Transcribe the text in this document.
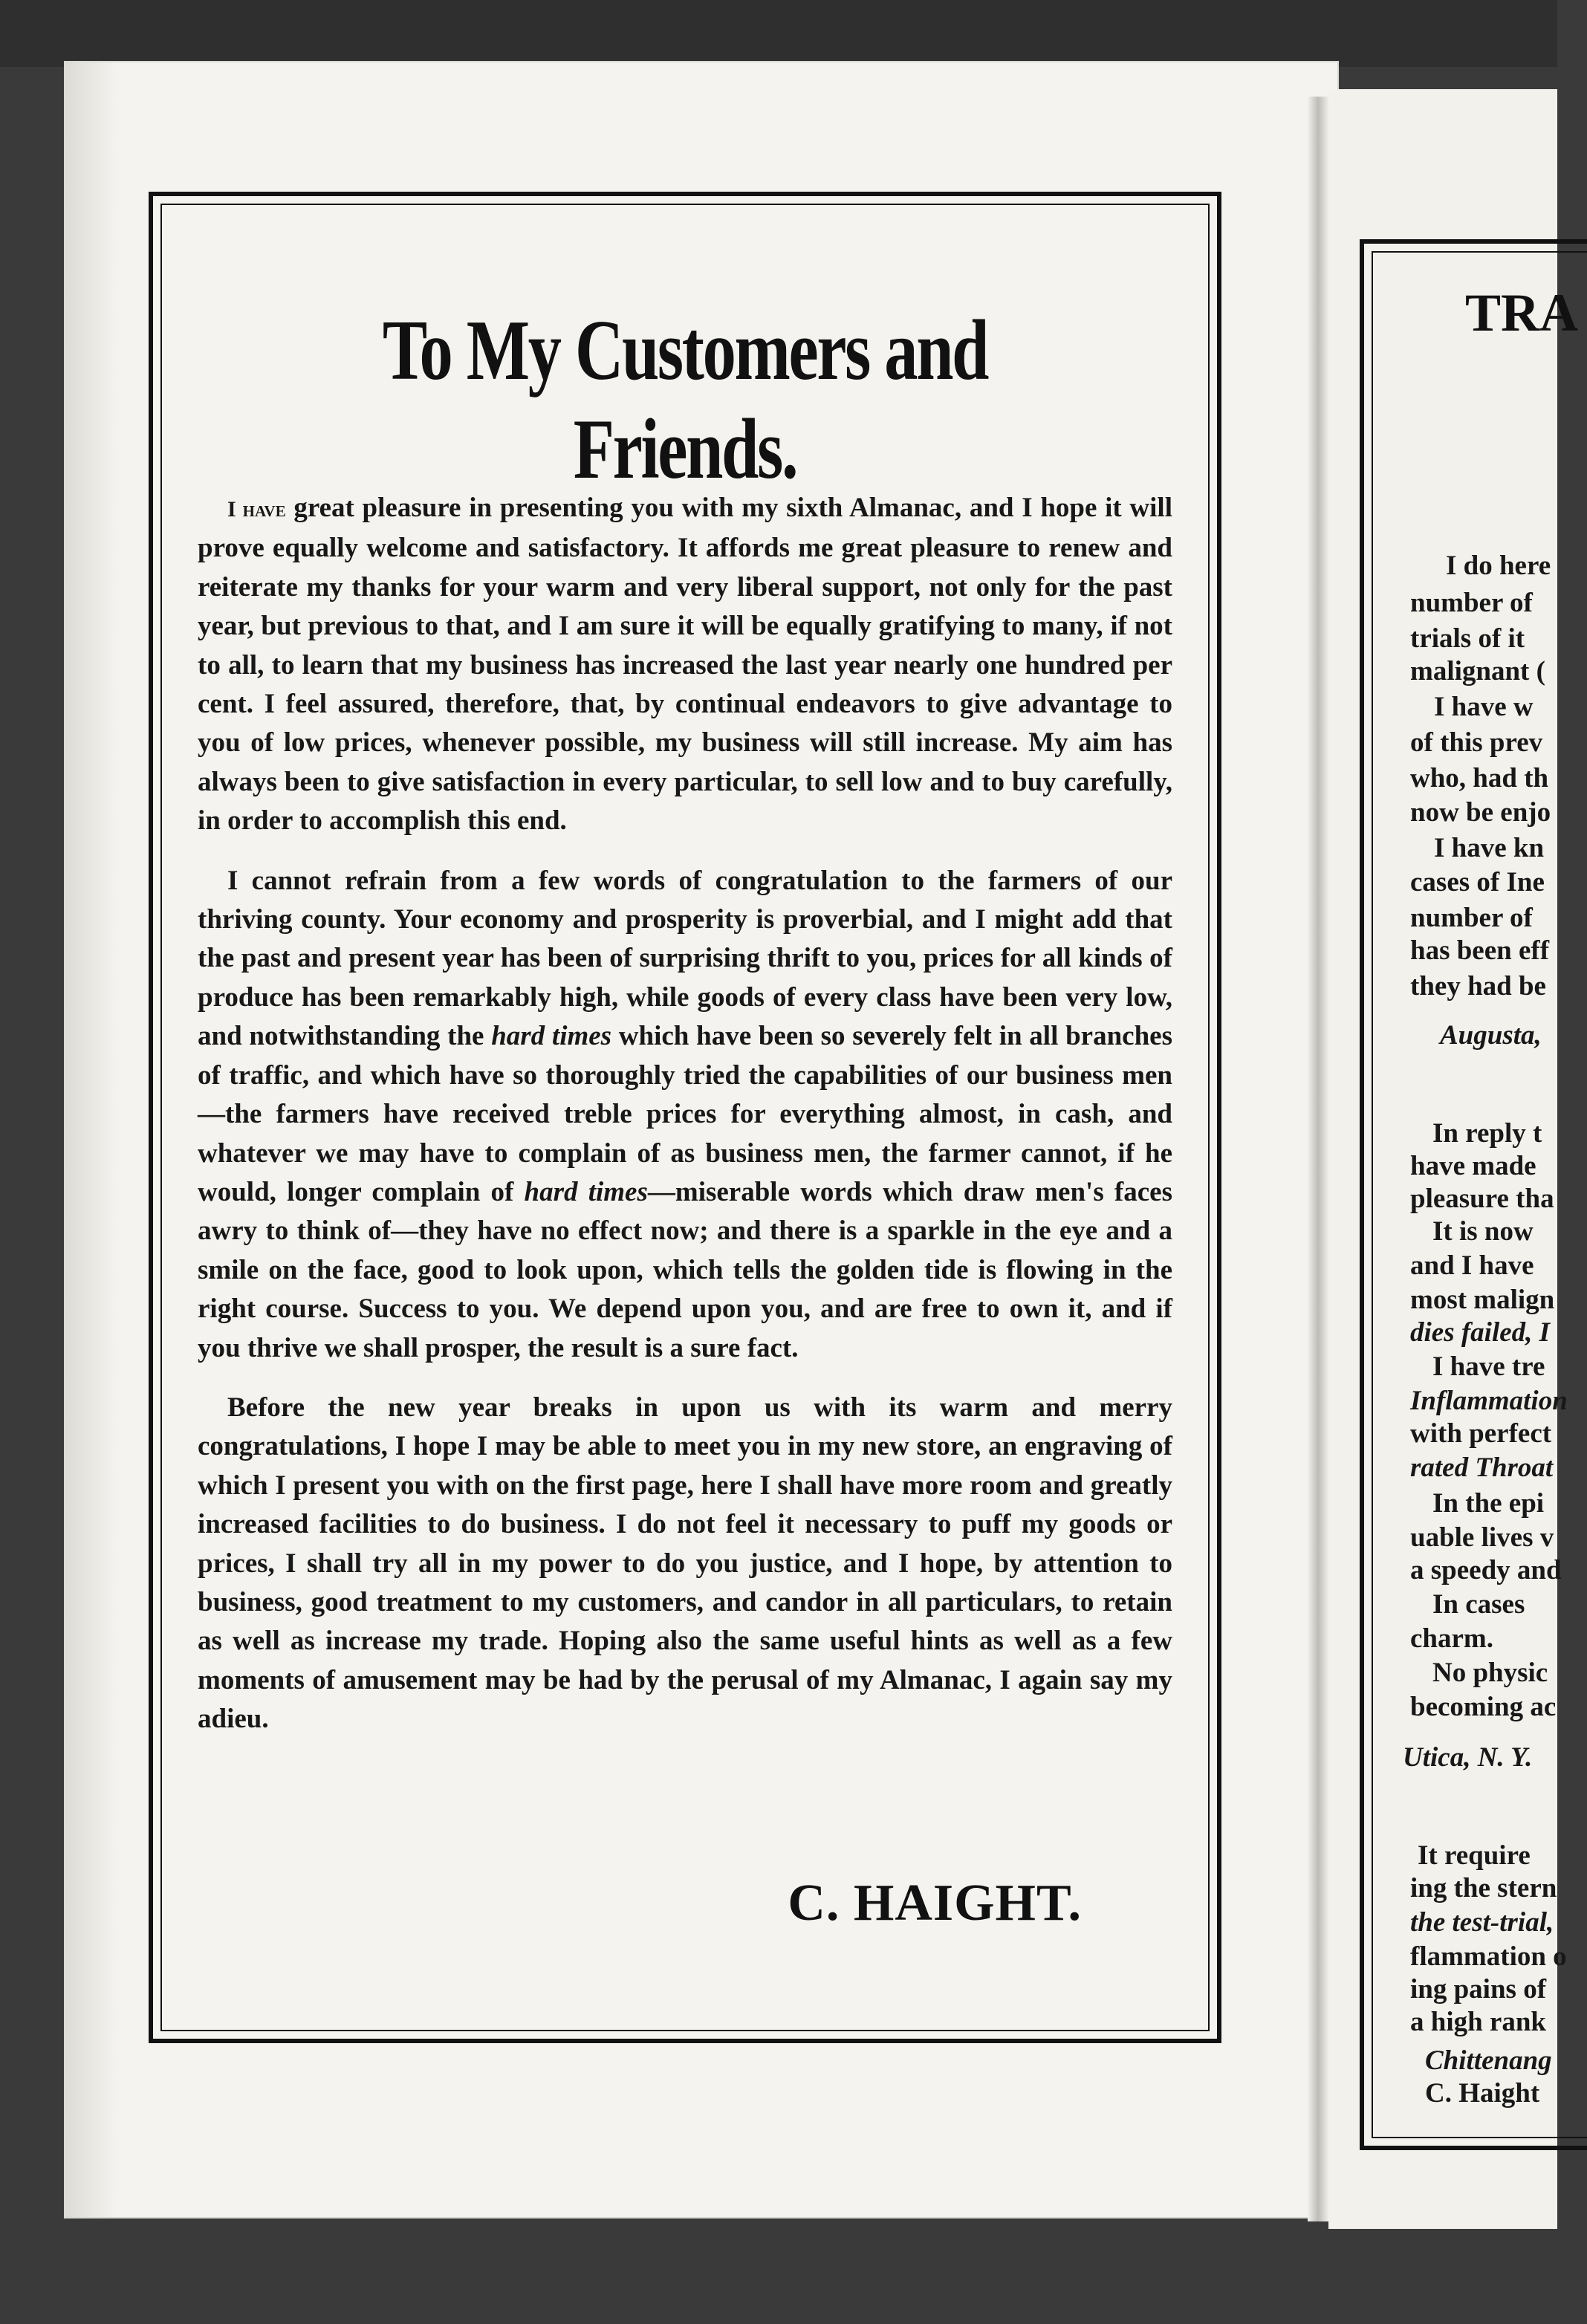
To My Customers and Friends.

I have great pleasure in presenting you with my sixth Almanac, and I hope it will prove equally welcome and satisfactory. It affords me great pleasure to renew and reiterate my thanks for your warm and very liberal support, not only for the past year, but previous to that, and I am sure it will be equally gratifying to many, if not to all, to learn that my business has increased the last year nearly one hundred per cent. I feel assured, therefore, that, by continual endeavors to give advantage to you of low prices, whenever possible, my business will still increase. My aim has always been to give satisfaction in every particular, to sell low and to buy carefully, in order to accomplish this end.

I cannot refrain from a few words of congratulation to the farmers of our thriving county. Your economy and prosperity is proverbial, and I might add that the past and present year has been of surprising thrift to you, prices for all kinds of produce has been remarkably high, while goods of every class have been very low, and notwithstanding the hard times which have been so severely felt in all branches of traffic, and which have so thoroughly tried the capabilities of our business men—the farmers have received treble prices for everything almost, in cash, and whatever we may have to complain of as business men, the farmer cannot, if he would, longer complain of hard times—miserable words which draw men's faces awry to think of—they have no effect now; and there is a sparkle in the eye and a smile on the face, good to look upon, which tells the golden tide is flowing in the right course. Success to you. We depend upon you, and are free to own it, and if you thrive we shall prosper, the result is a sure fact.

Before the new year breaks in upon us with its warm and merry congratulations, I hope I may be able to meet you in my new store, an engraving of which I present you with on the first page, here I shall have more room and greatly increased facilities to do business. I do not feel it necessary to puff my goods or prices, I shall try all in my power to do you justice, and I hope, by attention to business, good treatment to my customers, and candor in all particulars, to retain as well as increase my trade. Hoping also the same useful hints as well as a few moments of amusement may be had by the perusal of my Almanac, I again say my adieu.

C. HAIGHT.
TRA
I do here
number of
trials of it
malignant (
I have w
of this prev
who, had th
now be enjo
I have kn
cases of Ine
number of
has been eff
they had be
Augusta,
In reply t
have made
pleasure tha
It is now
and I have
most malign
dies failed, I
I have tre
Inflammation
with perfect
rated Throat
In the epi
uable lives v
a speedy and
In cases
charm.
No physic
becoming ac
Utica, N. Y.
It require
ing the stern
the test-trial,
flammation o
ing pains of
a high rank
Chittenang
C. Haight
